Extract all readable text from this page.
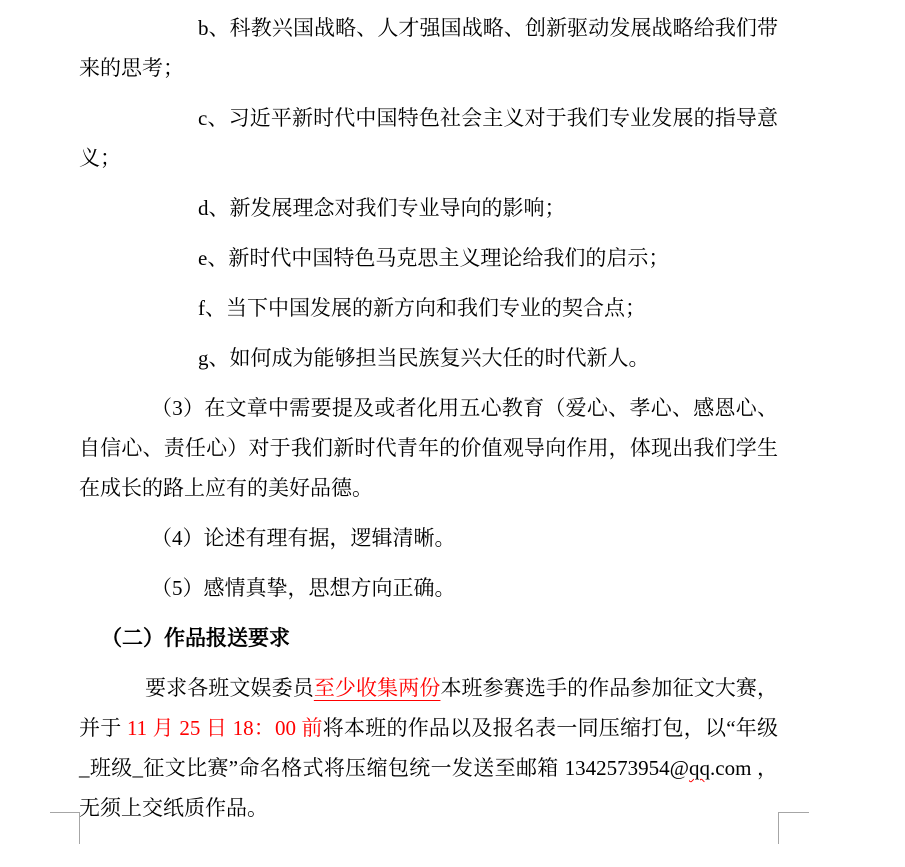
b、科教兴国战略、人才强国战略、创新驱动发展战略给我们带来的思考；

c、习近平新时代中国特色社会主义对于我们专业发展的指导意义；

d、新发展理念对我们专业导向的影响；

e、新时代中国特色马克思主义理论给我们的启示；

f、当下中国发展的新方向和我们专业的契合点；

g、如何成为能够担当民族复兴大任的时代新人。

（3）在文章中需要提及或者化用五心教育（爱心、孝心、感恩心、自信心、责任心）对于我们新时代青年的价值观导向作用，体现出我们学生在成长的路上应有的美好品德。

（4）论述有理有据，逻辑清晰。

（5）感情真挚，思想方向正确。

（二）作品报送要求

要求各班文娱委员至少收集两份本班参赛选手的作品参加征文大赛，并于 11 月 25 日 18：00 前将本班的作品以及报名表一同压缩打包，以“年级_班级_征文比赛”命名格式将压缩包统一发送至邮箱 1342573954@qq.com ，无须上交纸质作品。
